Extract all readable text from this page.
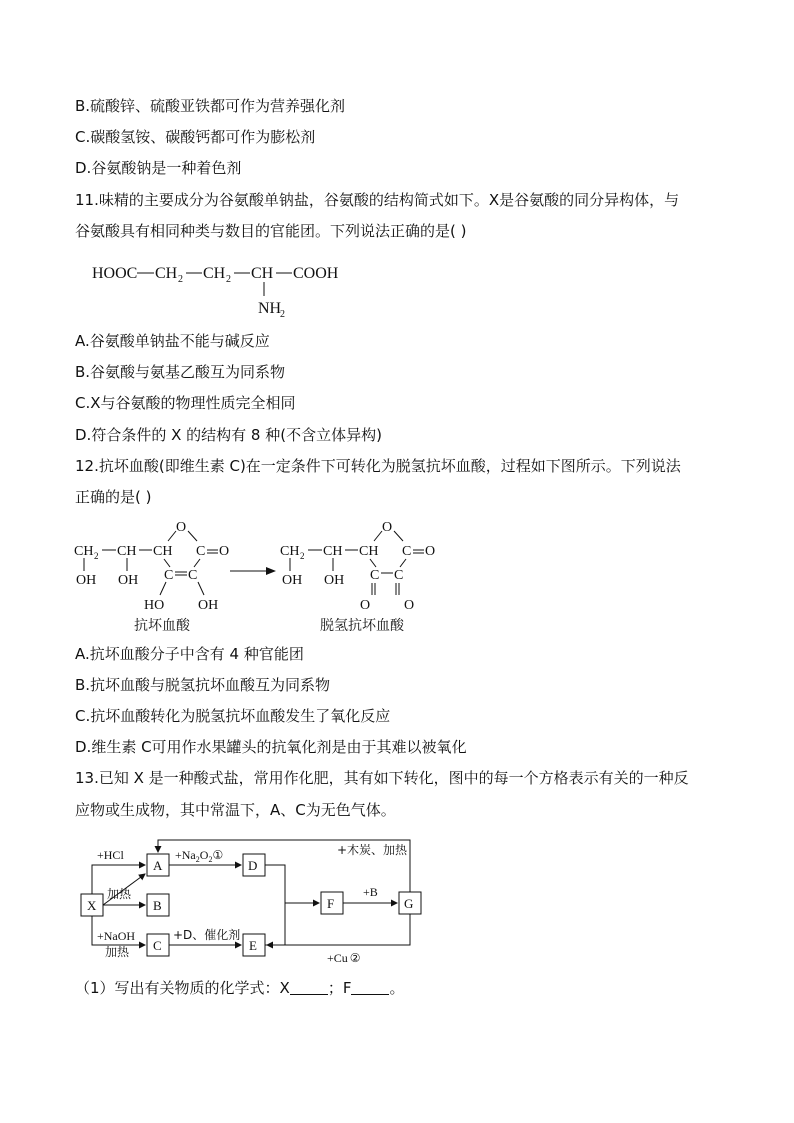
B.硫酸锌、硫酸亚铁都可作为营养强化剂
C.碳酸氢铵、碳酸钙都可作为膨松剂
D.谷氨酸钠是一种着色剂
11.味精的主要成分为谷氨酸单钠盐，谷氨酸的结构简式如下。X是谷氨酸的同分异构体，与
谷氨酸具有相同种类与数目的官能团。下列说法正确的是( )
HOOC CH 2 CH 2 CH COOH
NH
2
A.谷氨酸单钠盐不能与碱反应
B.谷氨酸与氨基乙酸互为同系物
C.X与谷氨酸的物理性质完全相同
D.符合条件的 X 的结构有 8 种(不含立体异构)
12.抗坏血酸(即维生素 C)在一定条件下可转化为脱氢抗坏血酸，过程如下图所示。下列说法
正确的是( )
CH 2 CH CH
OH OH
O
C O
C C
HO OH
抗坏血酸
CH 2 CH CH
OH OH
O
C O
C C
O O
脱氢抗坏血酸
A.抗坏血酸分子中含有 4 种官能团
B.抗坏血酸与脱氢抗坏血酸互为同系物
C.抗坏血酸转化为脱氢抗坏血酸发生了氧化反应
D.维生素 C可用作水果罐头的抗氧化剂是由于其难以被氧化
13.已知 X 是一种酸式盐，常用作化肥，其有如下转化，图中的每一个方格表示有关的一种反
应物或生成物，其中常温下，A、C为无色气体。
X
A
B
C
D
E
F	G
+HCl
加热
+NaOH
加热
$+Na_2O_2①$
+D、催化剂
+B
+木炭、加热
+Cu ②
（1）写出有关物质的化学式：X	；F	。
